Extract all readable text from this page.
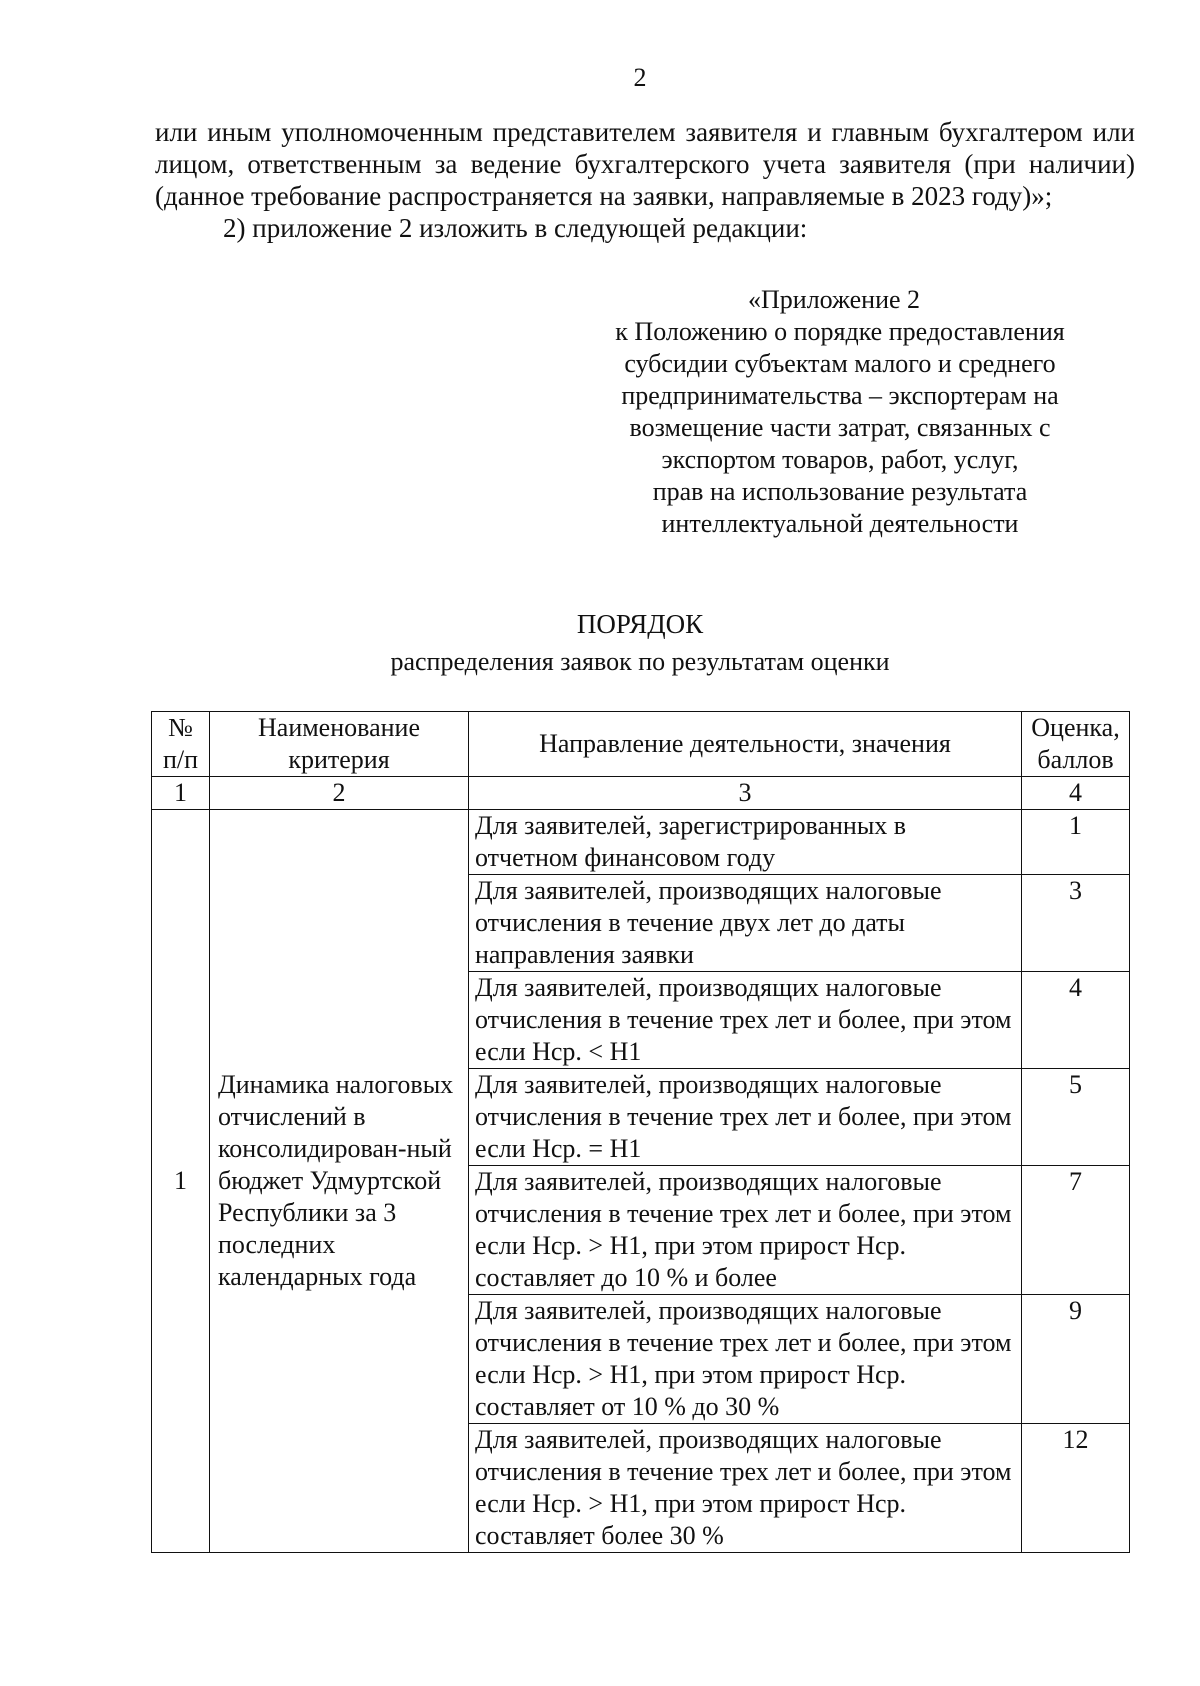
2

или иным уполномоченным представителем заявителя и главным бухгалтером или лицом, ответственным за ведение бухгалтерского учета заявителя (при наличии) (данное требование распространяется на заявки, направляемые в 2023 году)»;

2) приложение 2 изложить в следующей редакции:

«Приложение 2

к Положению о порядке предоставления

субсидии субъектам малого и среднего

предпринимательства – экспортерам на

возмещение части затрат, связанных с

экспортом товаров, работ, услуг,

прав на использование результата

интеллектуальной деятельности

ПОРЯДОК
распределения заявок по результатам оценки
№ п/п	Наименование критерия	Направление деятельности, значения	Оценка, баллов
1	2	3	4
1	Динамика налоговых отчислений в консолидирован-ный бюджет Удмуртской Республики за 3 последних календарных года	Для заявителей, зарегистрированных в отчетном финансовом году	1
		Для заявителей, производящих налоговые отчисления в течение двух лет до даты направления заявки	3
		Для заявителей, производящих налоговые отчисления в течение трех лет и более, при этом если Нср. < Н1	4
		Для заявителей, производящих налоговые отчисления в течение трех лет и более, при этом если Нср. = Н1	5
		Для заявителей, производящих налоговые отчисления в течение трех лет и более, при этом если Нср. > Н1, при этом прирост Нср. составляет до 10 % и более	7
		Для заявителей, производящих налоговые отчисления в течение трех лет и более, при этом если Нср. > Н1, при этом прирост Нср. составляет от 10 % до 30 %	9
		Для заявителей, производящих налоговые отчисления в течение трех лет и более, при этом если Нср. > Н1, при этом прирост Нср. составляет более 30 %	12
